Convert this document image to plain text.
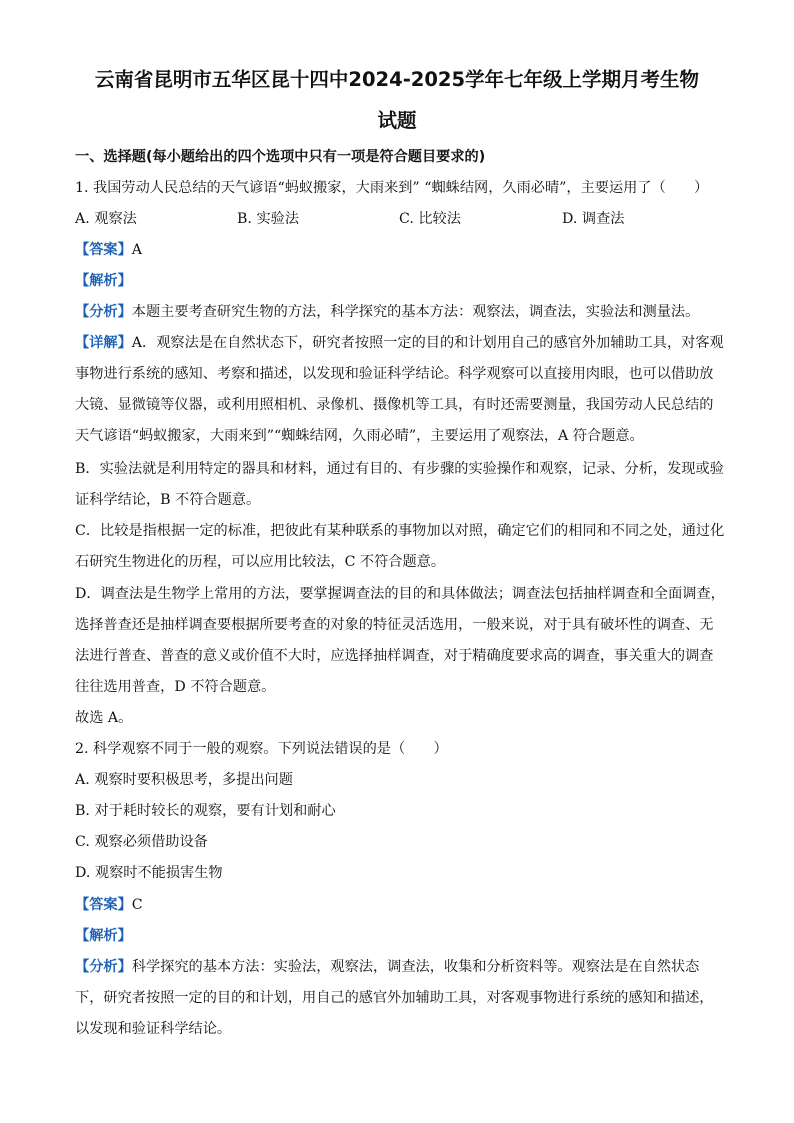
云南省昆明市五华区昆十四中2024-2025学年七年级上学期月考生物
试题
一、选择题(每小题给出的四个选项中只有一项是符合题目要求的)
1. 我国劳动人民总结的天气谚语“蚂蚁搬家，大雨来到” “蜘蛛结网，久雨必晴”，主要运用了（　　）
A. 观察法	B. 实验法	C. 比较法	D. 调查法
【答案】A
【解析】
【分析】本题主要考查研究生物的方法，科学探究的基本方法：观察法，调查法，实验法和测量法。
【详解】A．观察法是在自然状态下，研究者按照一定的目的和计划用自己的感官外加辅助工具，对客观
事物进行系统的感知、考察和描述，以发现和验证科学结论。科学观察可以直接用肉眼，也可以借助放
大镜、显微镜等仪器，或利用照相机、录像机、摄像机等工具，有时还需要测量，我国劳动人民总结的
天气谚语“蚂蚁搬家，大雨来到”“蜘蛛结网，久雨必晴”，主要运用了观察法，A 符合题意。
B．实验法就是利用特定的器具和材料，通过有目的、有步骤的实验操作和观察，记录、分析，发现或验
证科学结论，B 不符合题意。
C．比较是指根据一定的标准，把彼此有某种联系的事物加以对照，确定它们的相同和不同之处，通过化
石研究生物进化的历程，可以应用比较法，C 不符合题意。
D．调查法是生物学上常用的方法，要掌握调查法的目的和具体做法；调查法包括抽样调查和全面调查，
选择普查还是抽样调查要根据所要考查的对象的特征灵活选用，一般来说，对于具有破坏性的调查、无
法进行普查、普查的意义或价值不大时，应选择抽样调查，对于精确度要求高的调查，事关重大的调查
往往选用普查，D 不符合题意。
故选 A。
2. 科学观察不同于一般的观察。下列说法错误的是（　　）
A. 观察时要积极思考，多提出问题
B. 对于耗时较长的观察，要有计划和耐心
C. 观察必须借助设备
D. 观察时不能损害生物
【答案】C
【解析】
【分析】科学探究的基本方法：实验法，观察法，调查法，收集和分析资料等。观察法是在自然状态
下，研究者按照一定的目的和计划，用自己的感官外加辅助工具，对客观事物进行系统的感知和描述，
以发现和验证科学结论。
